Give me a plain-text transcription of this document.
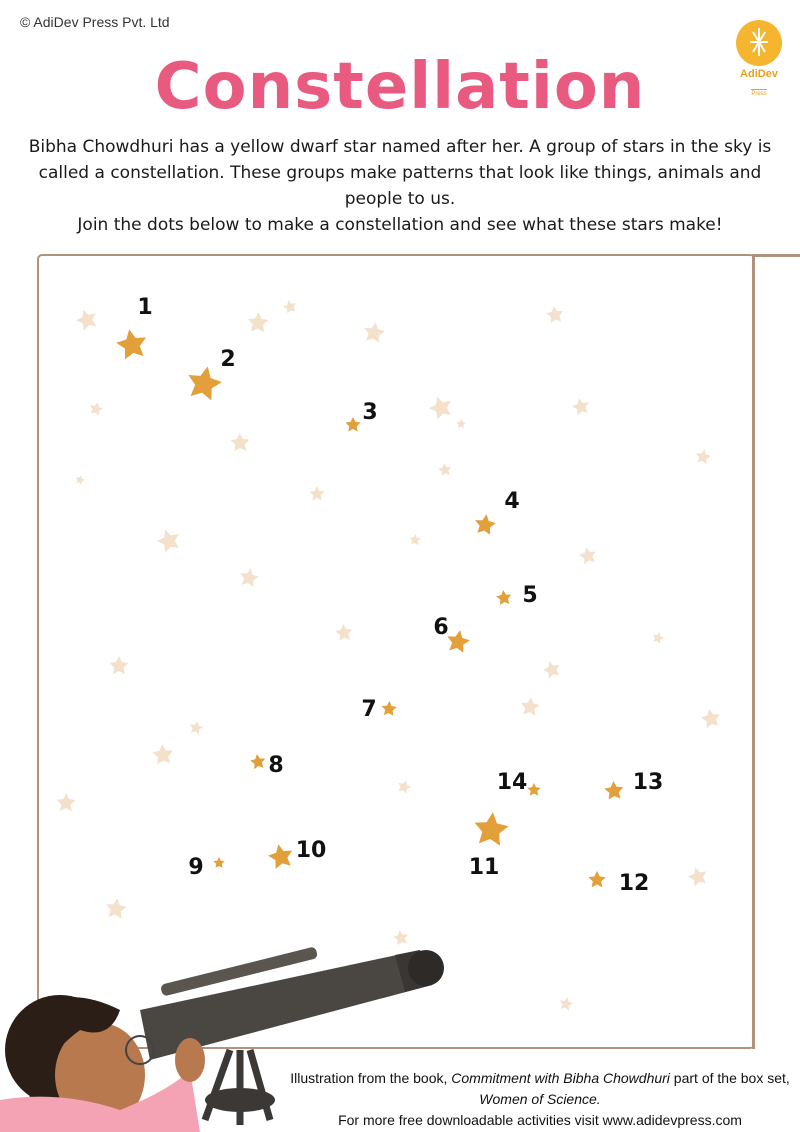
© AdiDev Press Pvt. Ltd
AdiDev
Press
Constellation

Bibha Chowdhuri has a yellow dwarf star named after her. A group of stars in the sky is called a constellation. These groups make patterns that look like things, animals and people to us.

Join the dots below to make a constellation and see what these stars make!

1
2
3
4
5
6
7
8
9
10
11
12
13
14

Illustration from the book, Commitment with Bibha Chowdhuri part of the box set, Women of Science.

For more free downloadable activities visit www.adidevpress.com
